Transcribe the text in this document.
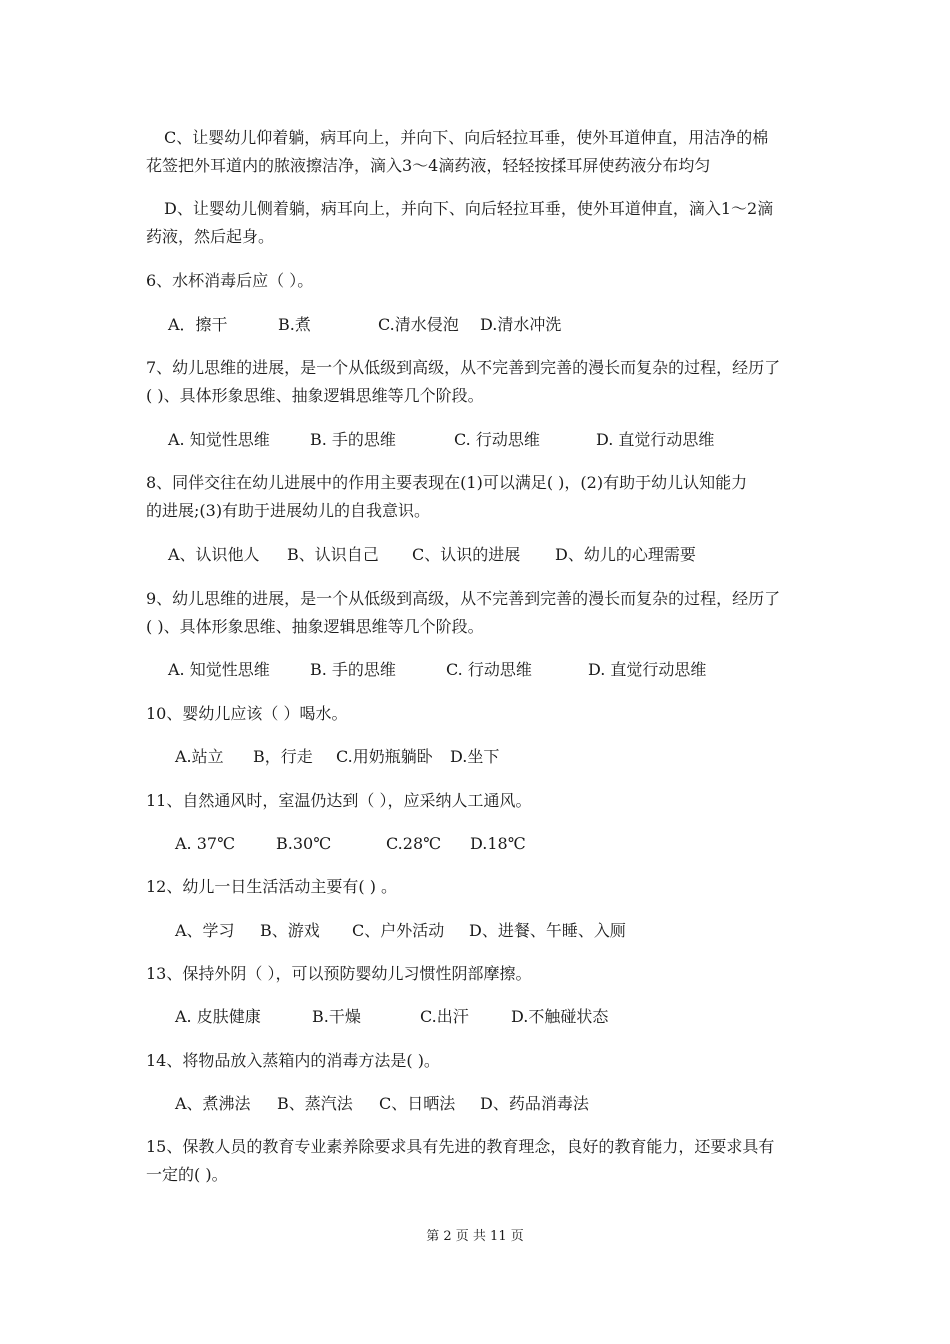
C、让婴幼儿仰着躺，病耳向上，并向下、向后轻拉耳垂，使外耳道伸直，用洁净的棉
花签把外耳道内的脓液擦洁净，滴入3～4滴药液，轻轻按揉耳屏使药液分布均匀
D、让婴幼儿侧着躺，病耳向上，并向下、向后轻拉耳垂，使外耳道伸直，滴入1～2滴
药液，然后起身。
6、水杯消毒后应（ ）。
A．擦干	B.煮	C.清水侵泡 D.清水冲洗
7、幼儿思维的进展，是一个从低级到高级，从不完善到完善的漫长而复杂的过程，经历了
( )、具体形象思维、抽象逻辑思维等几个阶段。
A. 知觉性思维	B. 手的思维	C. 行动思维	D. 直觉行动思维
8、同伴交往在幼儿进展中的作用主要表现在(1)可以满足( )，(2)有助于幼儿认知能力
的进展;(3)有助于进展幼儿的自我意识。
A、认识他人 B、认识自己 C、认识的进展 D、幼儿的心理需要
9、幼儿思维的进展，是一个从低级到高级，从不完善到完善的漫长而复杂的过程，经历了
( )、具体形象思维、抽象逻辑思维等几个阶段。
A. 知觉性思维	B. 手的思维	C. 行动思维	D. 直觉行动思维
10、婴幼儿应该（ ）喝水。
A.站立 B，行走 C.用奶瓶躺卧 D.坐下
11、自然通风时，室温仍达到（ ），应采纳人工通风。
A. 37℃	B.30℃	C.28℃ D.18℃
12、幼儿一日生活活动主要有( ) 。
A、学习 B、游戏 C、户外活动 D、进餐、午睡、入厕
13、保持外阴（ ），可以预防婴幼儿习惯性阴部摩擦。
A. 皮肤健康	B.干燥	C.出汗	D.不触碰状态
14、将物品放入蒸箱内的消毒方法是( )。
A、煮沸法 B、蒸汽法 C、日晒法 D、药品消毒法
15、保教人员的教育专业素养除要求具有先进的教育理念，良好的教育能力，还要求具有
一定的( )。
第 2 页 共 11 页
